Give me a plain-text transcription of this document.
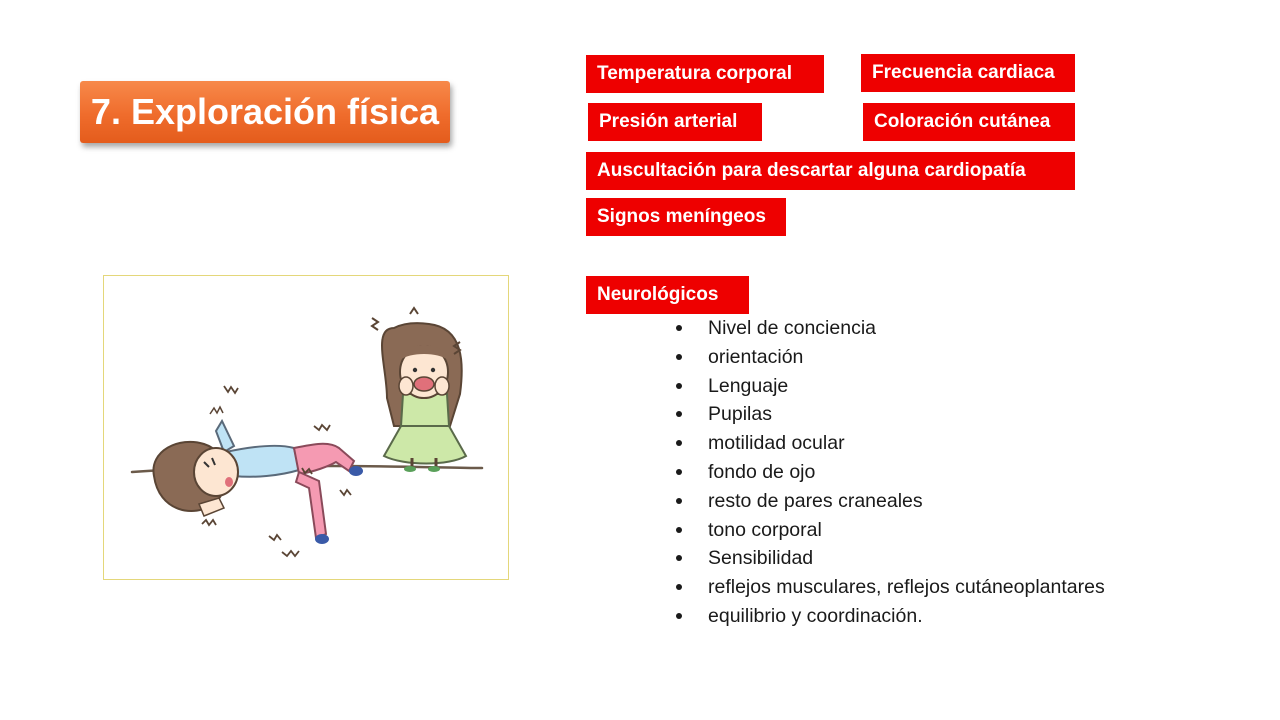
7. Exploración física
Temperatura corporal	Frecuencia cardiaca
Presión arterial	Coloración cutánea
Auscultación para descartar alguna cardiopatía
Signos meníngeos
Neurológicos
Nivel de conciencia
orientación
Lenguaje
Pupilas
motilidad ocular
fondo de ojo
resto de pares craneales
tono corporal
Sensibilidad
reflejos musculares, reflejos cutáneoplantares
equilibrio y coordinación.
